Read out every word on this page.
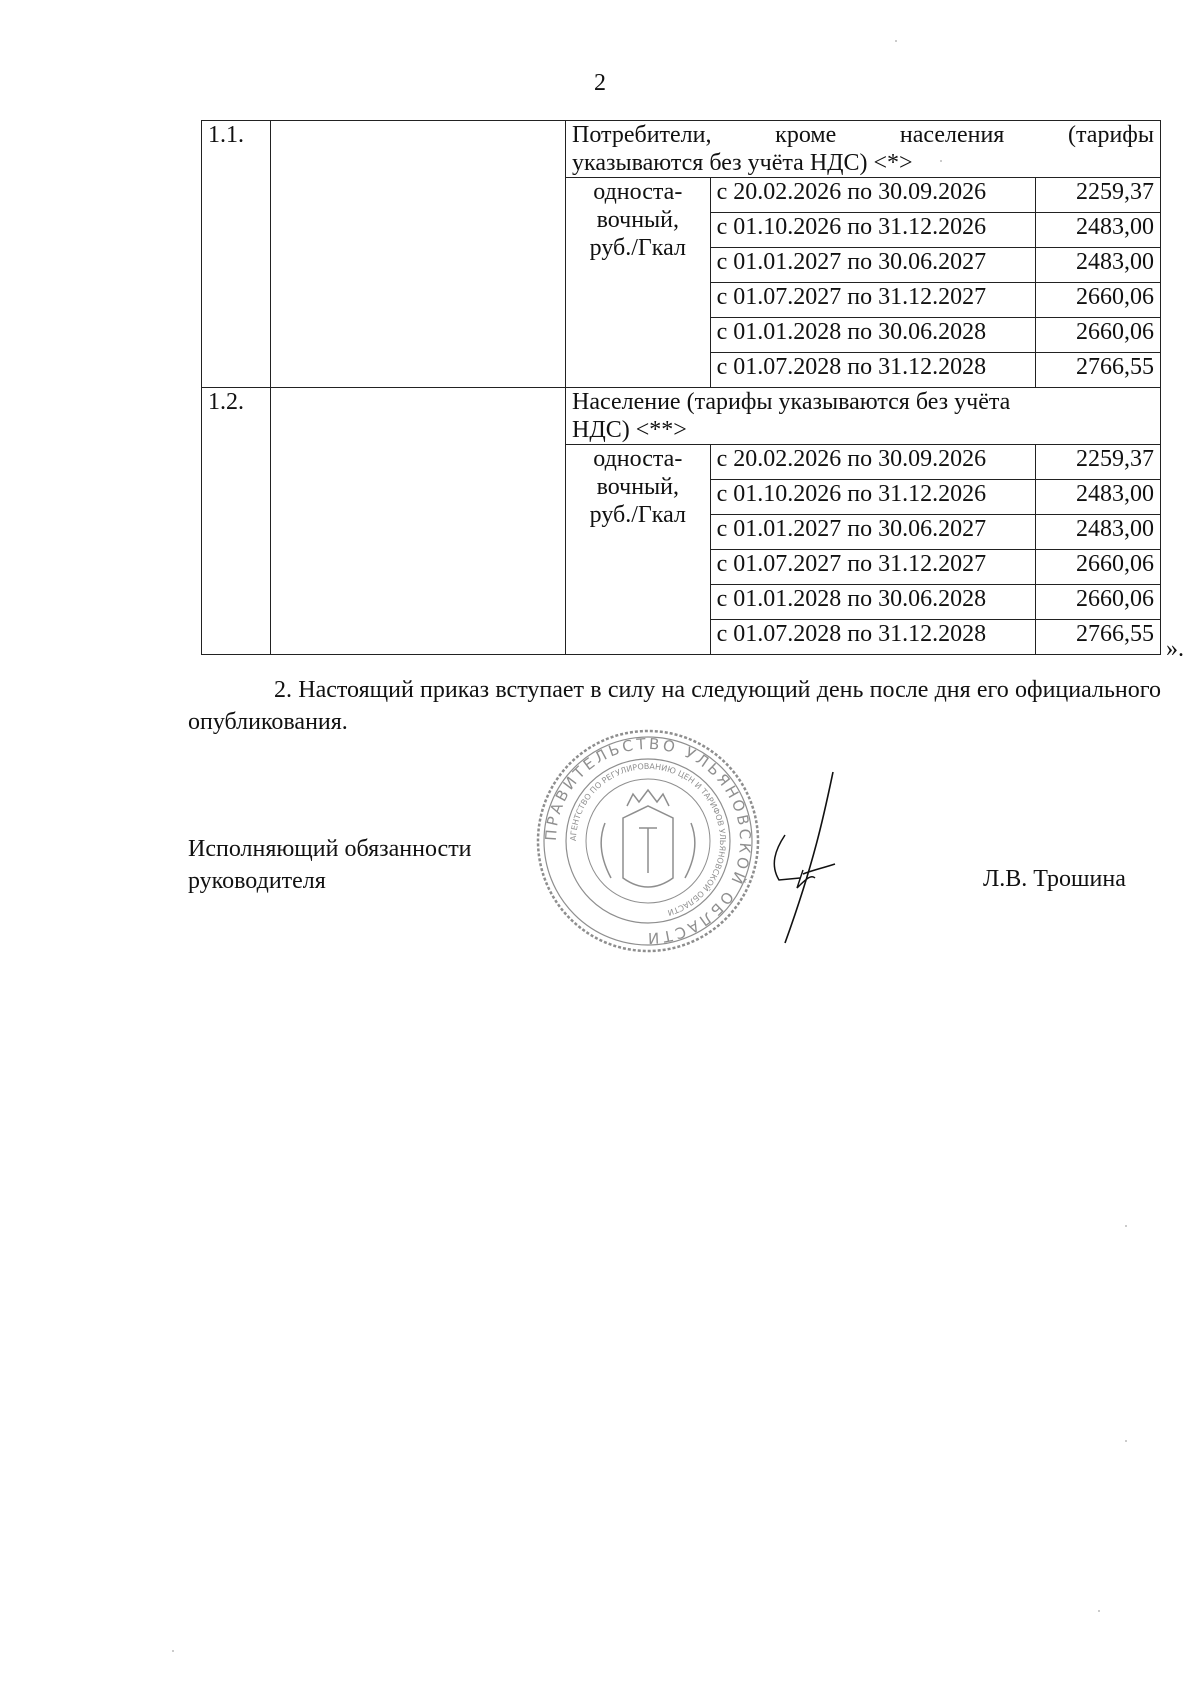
2
1.1.		Потребители, кроме населения (тарифы
указываются без учёта НДС) <*>		

		односта-
вочный,
руб./Гкал	с 20.02.2026 по 30.09.2026	2259,37
			с 01.10.2026 по 31.12.2026	2483,00
			с 01.01.2027 по 30.06.2027	2483,00
			с 01.07.2027 по 31.12.2027	2660,06
			с 01.01.2028 по 30.06.2028	2660,06
			с 01.07.2028 по 31.12.2028	2766,55
1.2.		Население (тарифы указываются без учёта
НДС) <**>		

		односта-
вочный,
руб./Гкал	с 20.02.2026 по 30.09.2026	2259,37
			с 01.10.2026 по 31.12.2026	2483,00
			с 01.01.2027 по 30.06.2027	2483,00
			с 01.07.2027 по 31.12.2027	2660,06
			с 01.01.2028 по 30.06.2028	2660,06
			с 01.07.2028 по 31.12.2028	2766,55
».
2. Настоящий приказ вступает в силу на следующий день после дня его официального опубликования.
Исполняющий обязанности
руководителя
ПРАВИТЕЛЬСТВО УЛЬЯНОВСКОЙ ОБЛАСТИ
АГЕНТСТВО ПО РЕГУЛИРОВАНИЮ ЦЕН И ТАРИФОВ УЛЬЯНОВСКОЙ ОБЛАСТИ
Л.В. Трошина
